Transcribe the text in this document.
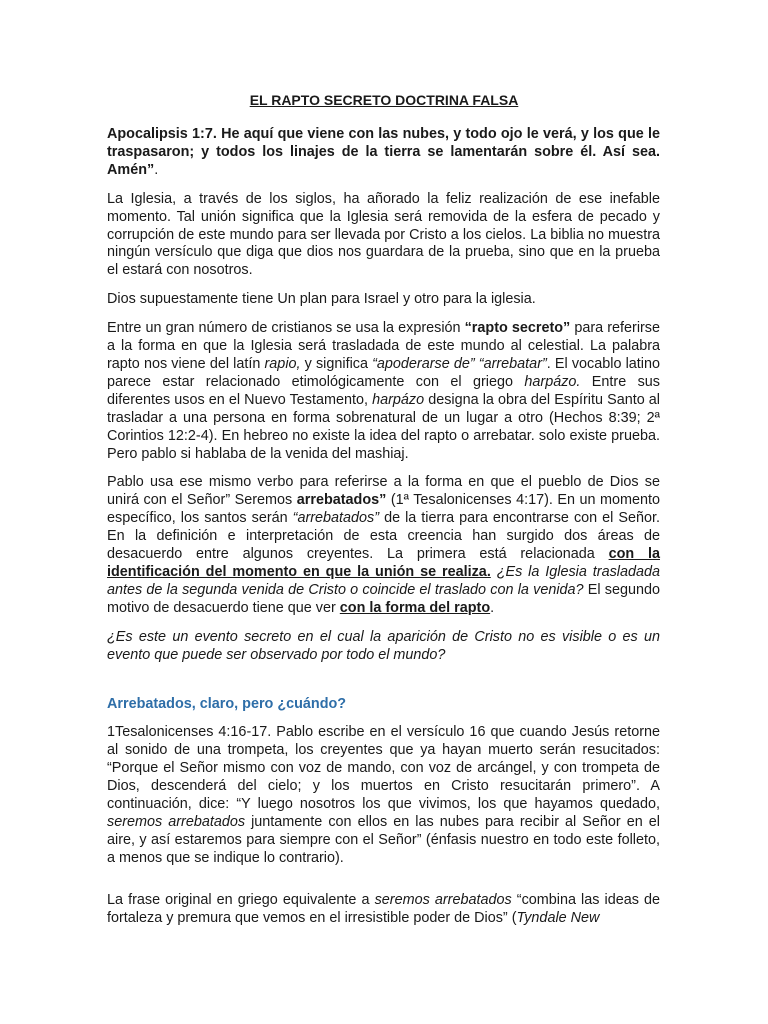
EL RAPTO SECRETO DOCTRINA FALSA

Apocalipsis 1:7. He aquí que viene con las nubes, y todo ojo le verá, y los que le traspasaron; y todos los linajes de la tierra se lamentarán sobre él. Así sea. Amén”.

La Iglesia, a través de los siglos, ha añorado la feliz realización de ese inefable momento. Tal unión significa que la Iglesia será removida de la esfera de pecado y corrupción de este mundo para ser llevada por Cristo a los cielos. La biblia no muestra ningún versículo que diga que dios nos guardara de la prueba, sino que en la prueba el estará con nosotros.

Dios supuestamente tiene Un plan para Israel y otro para la iglesia.

Entre un gran número de cristianos se usa la expresión “rapto secreto” para referirse a la forma en que la Iglesia será trasladada de este mundo al celestial. La palabra rapto nos viene del latín rapio, y significa “apoderarse de” “arrebatar”. El vocablo latino parece estar relacionado etimológicamente con el griego harpázo. Entre sus diferentes usos en el Nuevo Testamento, harpázo designa la obra del Espíritu Santo al trasladar a una persona en forma sobrenatural de un lugar a otro (Hechos 8:39; 2ª Corintios 12:2-4). En hebreo no existe la idea del rapto o arrebatar. solo existe prueba. Pero pablo si hablaba de la venida del mashiaj.

Pablo usa ese mismo verbo para referirse a la forma en que el pueblo de Dios se unirá con el Señor” Seremos arrebatados” (1ª Tesalonicenses 4:17). En un momento específico, los santos serán “arrebatados” de la tierra para encontrarse con el Señor. En la definición e interpretación de esta creencia han surgido dos áreas de desacuerdo entre algunos creyentes. La primera está relacionada con la identificación del momento en que la unión se realiza. ¿Es la Iglesia trasladada antes de la segunda venida de Cristo o coincide el traslado con la venida? El segundo motivo de desacuerdo tiene que ver con la forma del rapto.

¿Es este un evento secreto en el cual la aparición de Cristo no es visible o es un evento que puede ser observado por todo el mundo?

Arrebatados, claro, pero ¿cuándo?

1Tesalonicenses 4:16-17. Pablo escribe en el versículo 16 que cuando Jesús retorne al sonido de una trompeta, los creyentes que ya hayan muerto serán resucitados: “Porque el Señor mismo con voz de mando, con voz de arcángel, y con trompeta de Dios, descenderá del cielo; y los muertos en Cristo resucitarán primero”. A continuación, dice: “Y luego nosotros los que vivimos, los que hayamos quedado, seremos arrebatados juntamente con ellos en las nubes para recibir al Señor en el aire, y así estaremos para siempre con el Señor” (énfasis nuestro en todo este folleto, a menos que se indique lo contrario).

La frase original en griego equivalente a seremos arrebatados “combina las ideas de fortaleza y premura que vemos en el irresistible poder de Dios” (Tyndale New
